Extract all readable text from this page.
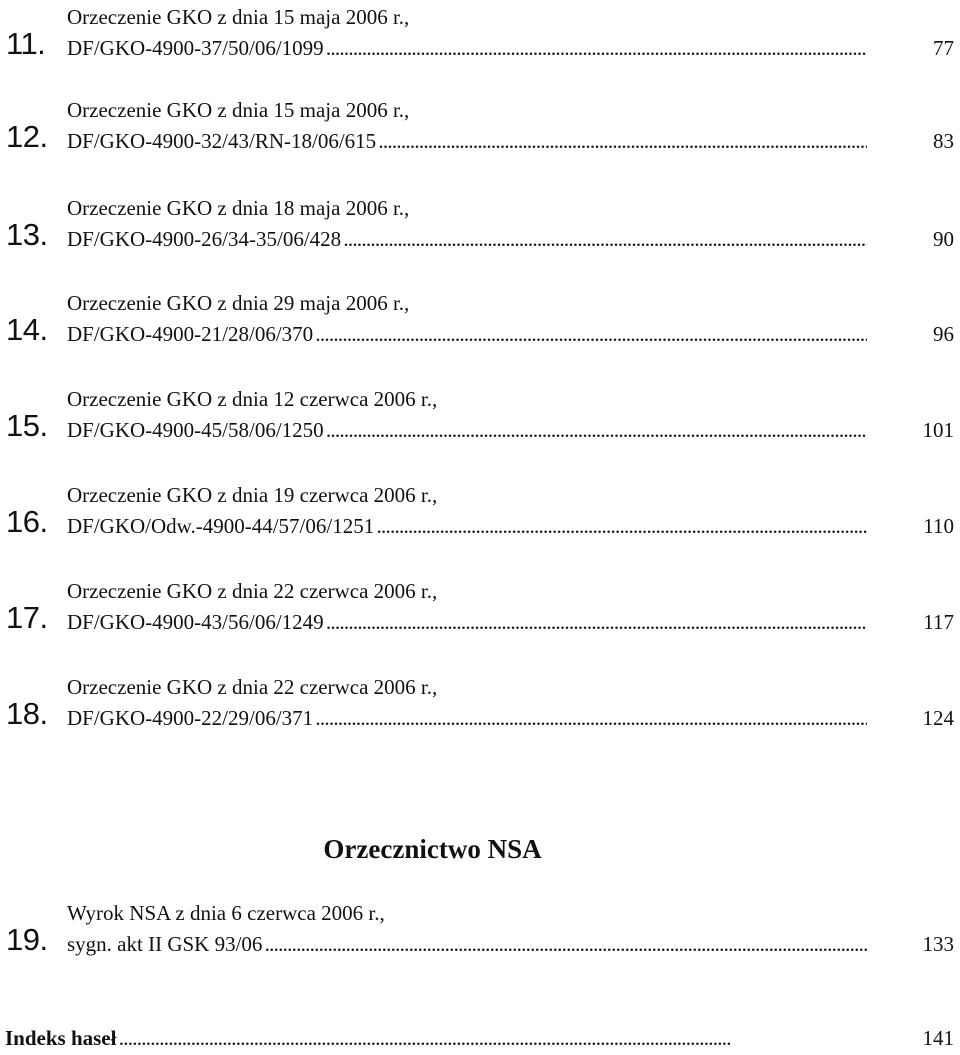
11.
Orzeczenie GKO z dnia 15 maja 2006 r.,
DF/GKO-4900-37/50/06/1099 . . .	77
12.
Orzeczenie GKO z dnia 15 maja 2006 r.,
DF/GKO-4900-32/43/RN-18/06/615 . . .	83
13.
Orzeczenie GKO z dnia 18 maja 2006 r.,
DF/GKO-4900-26/34-35/06/428 . . .	90
14.
Orzeczenie GKO z dnia 29 maja 2006 r.,
DF/GKO-4900-21/28/06/370 . . .	96
15.
Orzeczenie GKO z dnia 12 czerwca 2006 r.,
DF/GKO-4900-45/58/06/1250 . . .	101
16.
Orzeczenie GKO z dnia 19 czerwca 2006 r.,
DF/GKO/Odw.-4900-44/57/06/1251 . . .	110
17.
Orzeczenie GKO z dnia 22 czerwca 2006 r.,
DF/GKO-4900-43/56/06/1249 . . .	117
18.
Orzeczenie GKO z dnia 22 czerwca 2006 r.,
DF/GKO-4900-22/29/06/371 . . .	124
Orzecznictwo NSA
19.
Wyrok NSA z dnia 6 czerwca 2006 r.,
sygn. akt II GSK 93/06 . . .	133
Indeks haseł . . .	141
